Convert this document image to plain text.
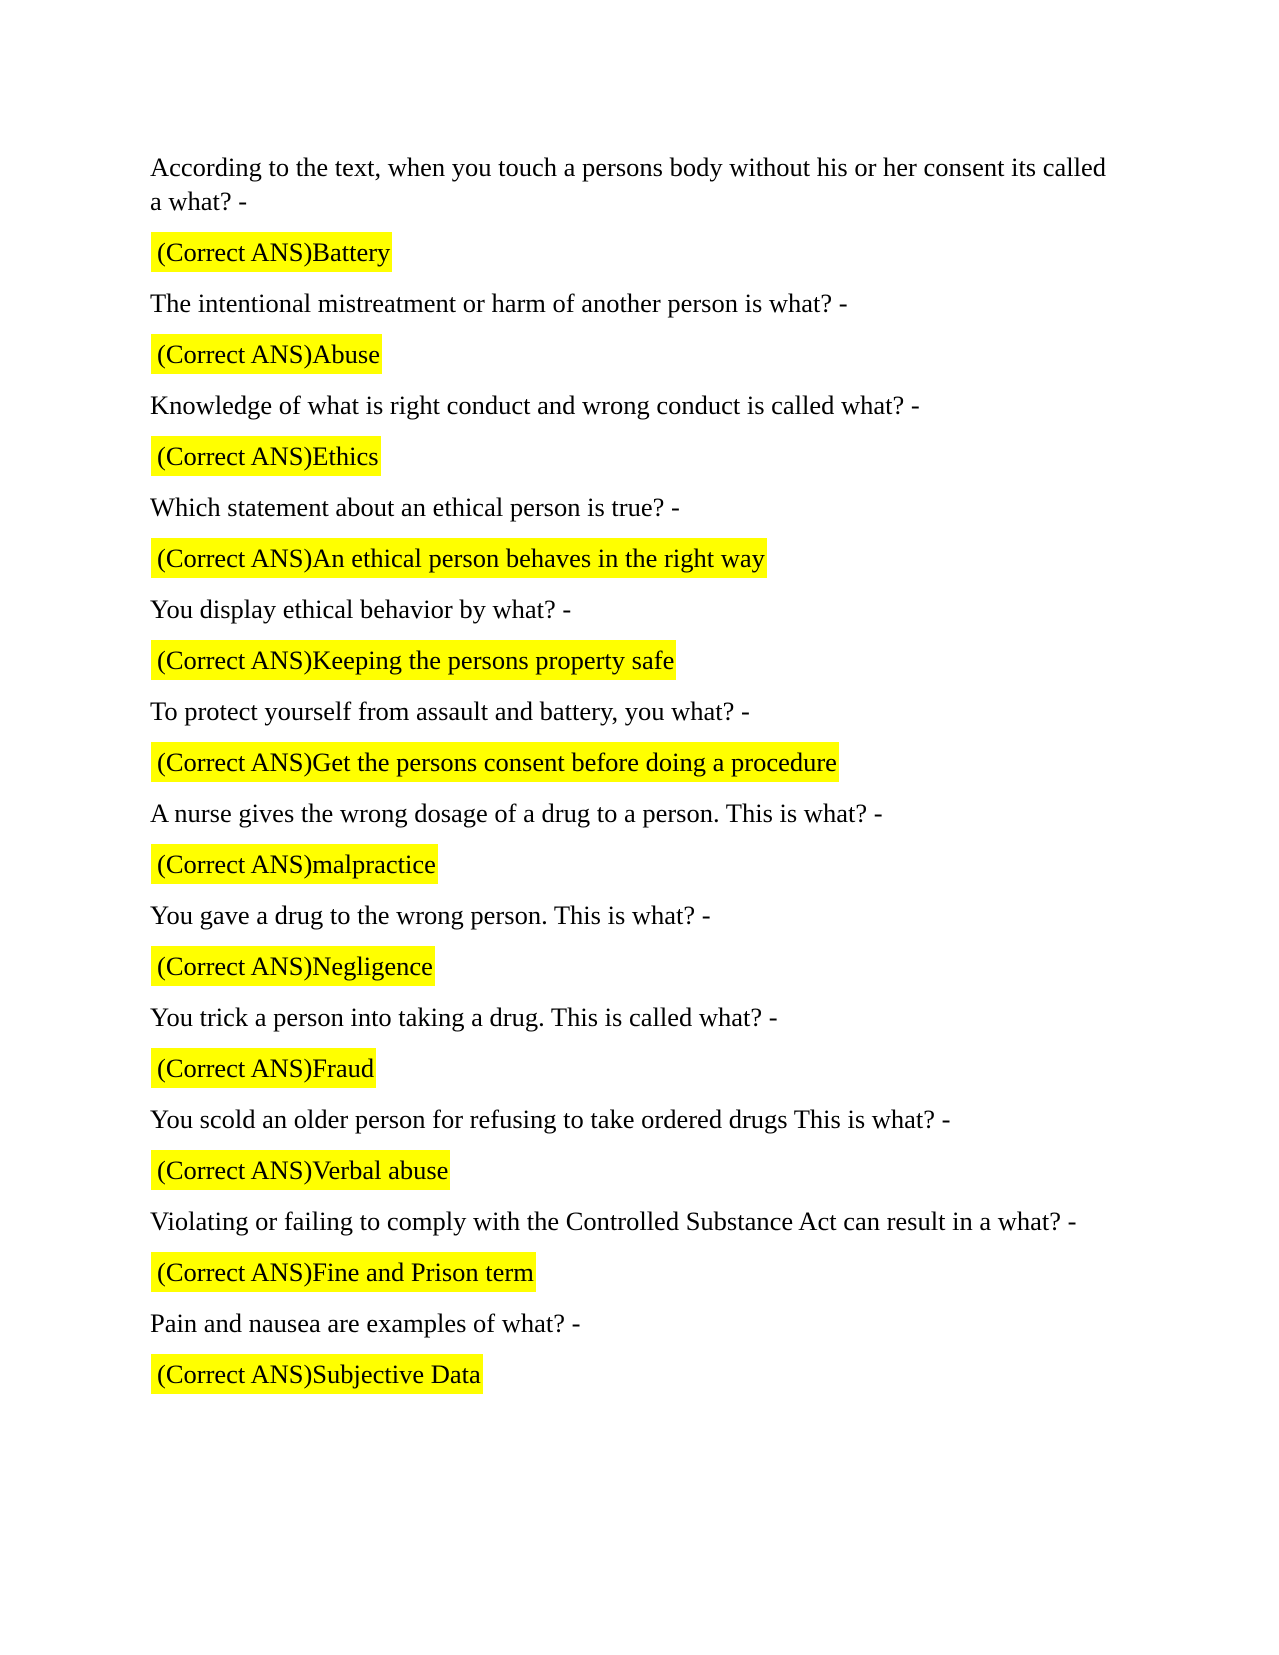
According to the text, when you touch a persons body without his or her consent its called a what? -

(Correct ANS)Battery

The intentional mistreatment or harm of another person is what? -

(Correct ANS)Abuse

Knowledge of what is right conduct and wrong conduct is called what? -

(Correct ANS)Ethics

Which statement about an ethical person is true? -

(Correct ANS)An ethical person behaves in the right way

You display ethical behavior by what? -

(Correct ANS)Keeping the persons property safe

To protect yourself from assault and battery, you what? -

(Correct ANS)Get the persons consent before doing a procedure

A nurse gives the wrong dosage of a drug to a person. This is what? -

(Correct ANS)malpractice

You gave a drug to the wrong person. This is what? -

(Correct ANS)Negligence

You trick a person into taking a drug. This is called what? -

(Correct ANS)Fraud

You scold an older person for refusing to take ordered drugs This is what? -

(Correct ANS)Verbal abuse

Violating or failing to comply with the Controlled Substance Act can result in a what? -

(Correct ANS)Fine and Prison term

Pain and nausea are examples of what? -

(Correct ANS)Subjective Data
